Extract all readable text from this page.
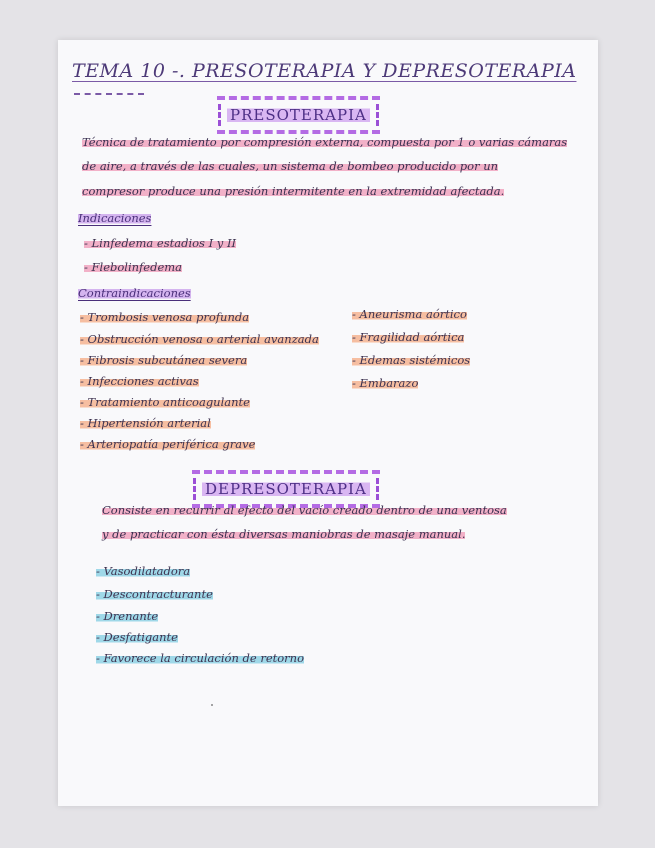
TEMA 10 -. PRESOTERAPIA Y DEPRESOTERAPIA
PRESOTERAPIA
Técnica de tratamiento por compresión externa, compuesta por 1 o varias cámaras
de aire, a través de las cuales, un sistema de bombeo producido por un
compresor produce una presión intermitente en la extremidad afectada.
Indicaciones
- Linfedema estadios I y II
- Flebolinfedema
Contraindicaciones
- Trombosis venosa profunda
- Obstrucción venosa o arterial avanzada
- Fibrosis subcutánea severa
- Infecciones activas
- Tratamiento anticoagulante
- Hipertensión arterial
- Arteriopatía periférica grave
- Aneurisma aórtico
- Fragilidad aórtica
- Edemas sistémicos
- Embarazo
DEPRESOTERAPIA
Consiste en recurrir al efecto del vacío creado dentro de una ventosa
y de practicar con ésta diversas maniobras de masaje manual.
- Vasodilatadora
- Descontracturante
- Drenante
- Desfatigante
- Favorece la circulación de retorno
